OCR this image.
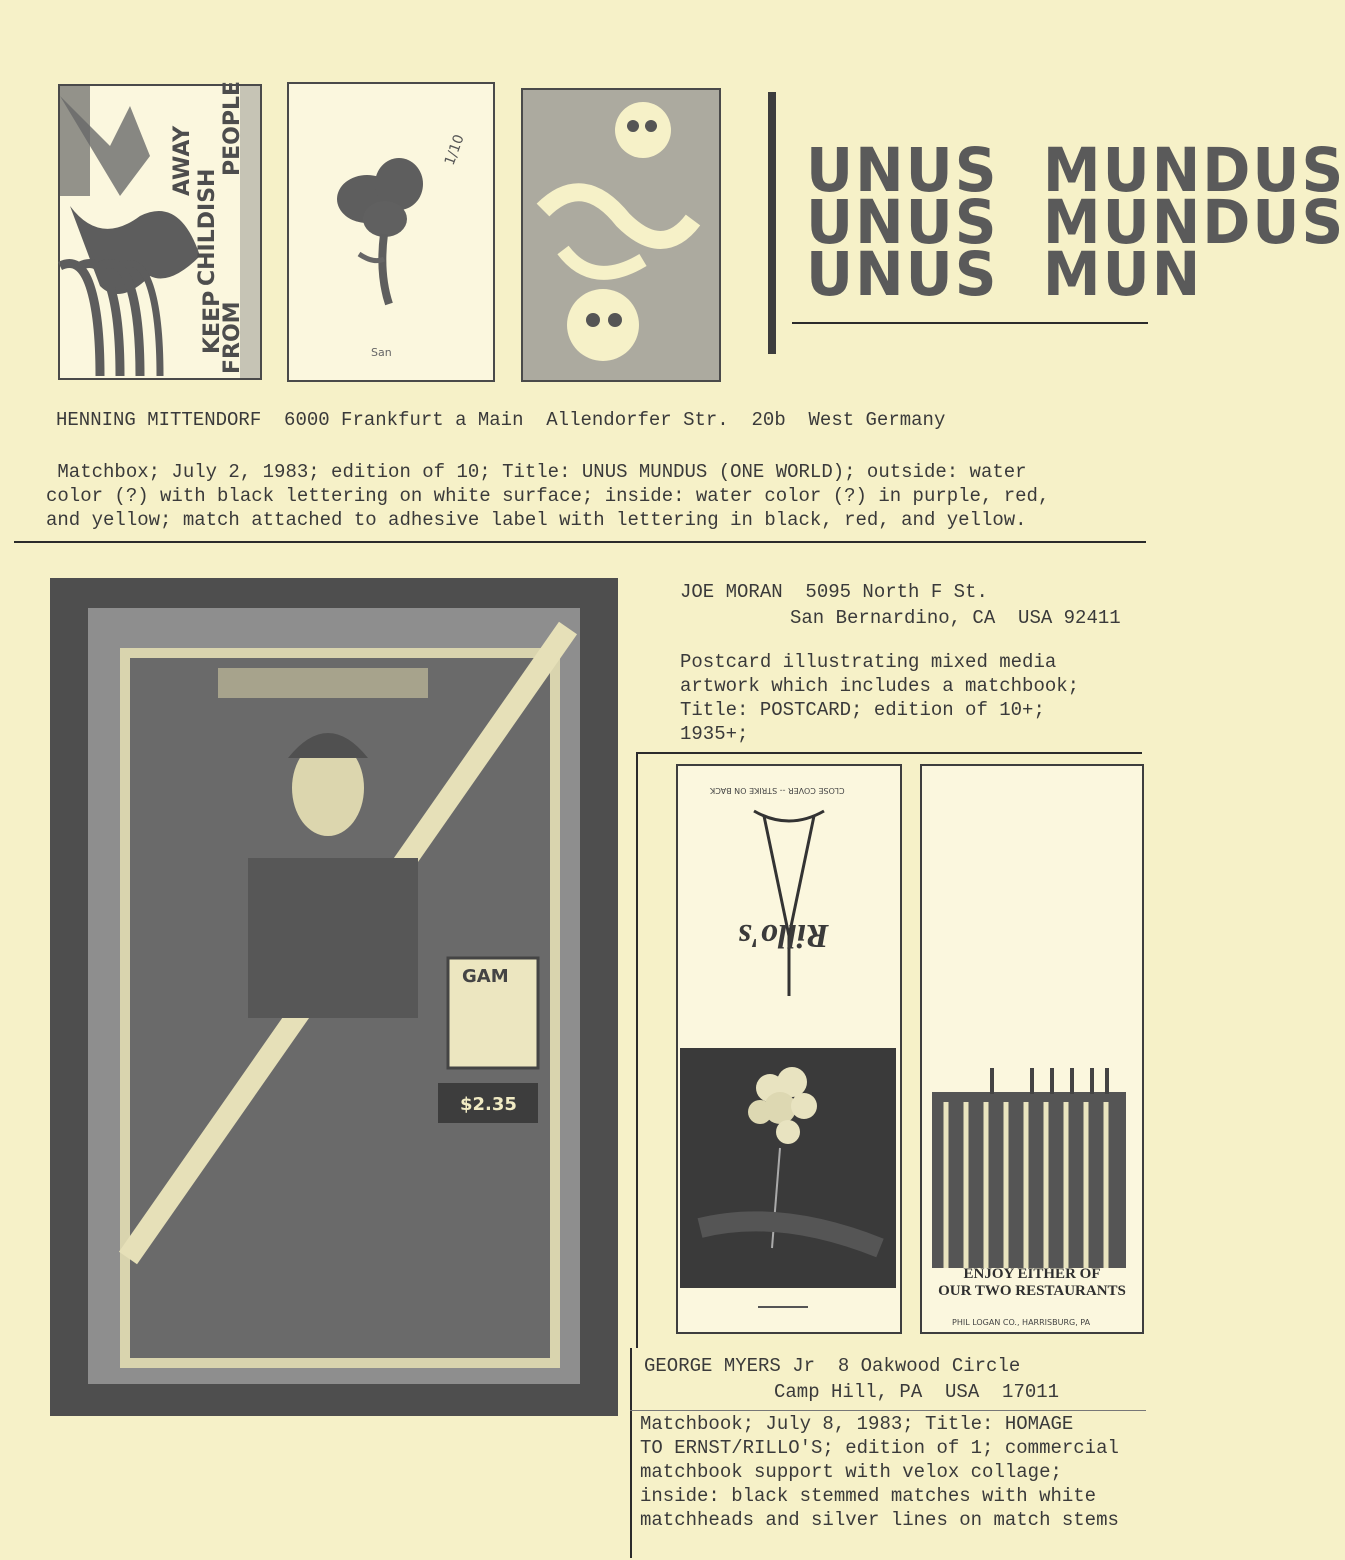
KEEP
FROM
AWAY
CHILDISH
PEOPLE	1/10
San
UNUS  MUNDUS
UNUS  MUNDUS
UNUS  MUN
HENNING MITTENDORF  6000 Frankfurt a Main  Allendorfer Str.  20b  West Germany
Matchbox; July 2, 1983; edition of 10; Title: UNUS MUNDUS (ONE WORLD); outside: water
color (?) with black lettering on white surface; inside: water color (?) in purple, red,
and yellow; match attached to adhesive label with lettering in black, red, and yellow.
GAM
$2.35
JOE MORAN  5095 North F St.
San Bernardino, CA  USA 92411
Postcard illustrating mixed media
artwork which includes a matchbook;
Title: POSTCARD; edition of 10+;
1935+;
CLOSE COVER -- STRIKE ON BACK
Rillo's
ENJOY EITHER OF
OUR TWO RESTAURANTS
PHIL LOGAN CO., HARRISBURG, PA
GEORGE MYERS Jr  8 Oakwood Circle
Camp Hill, PA  USA  17011
Matchbook; July 8, 1983; Title: HOMAGE
TO ERNST/RILLO'S; edition of 1; commercial
matchbook support with velox collage;
inside: black stemmed matches with white
matchheads and silver lines on match stems
